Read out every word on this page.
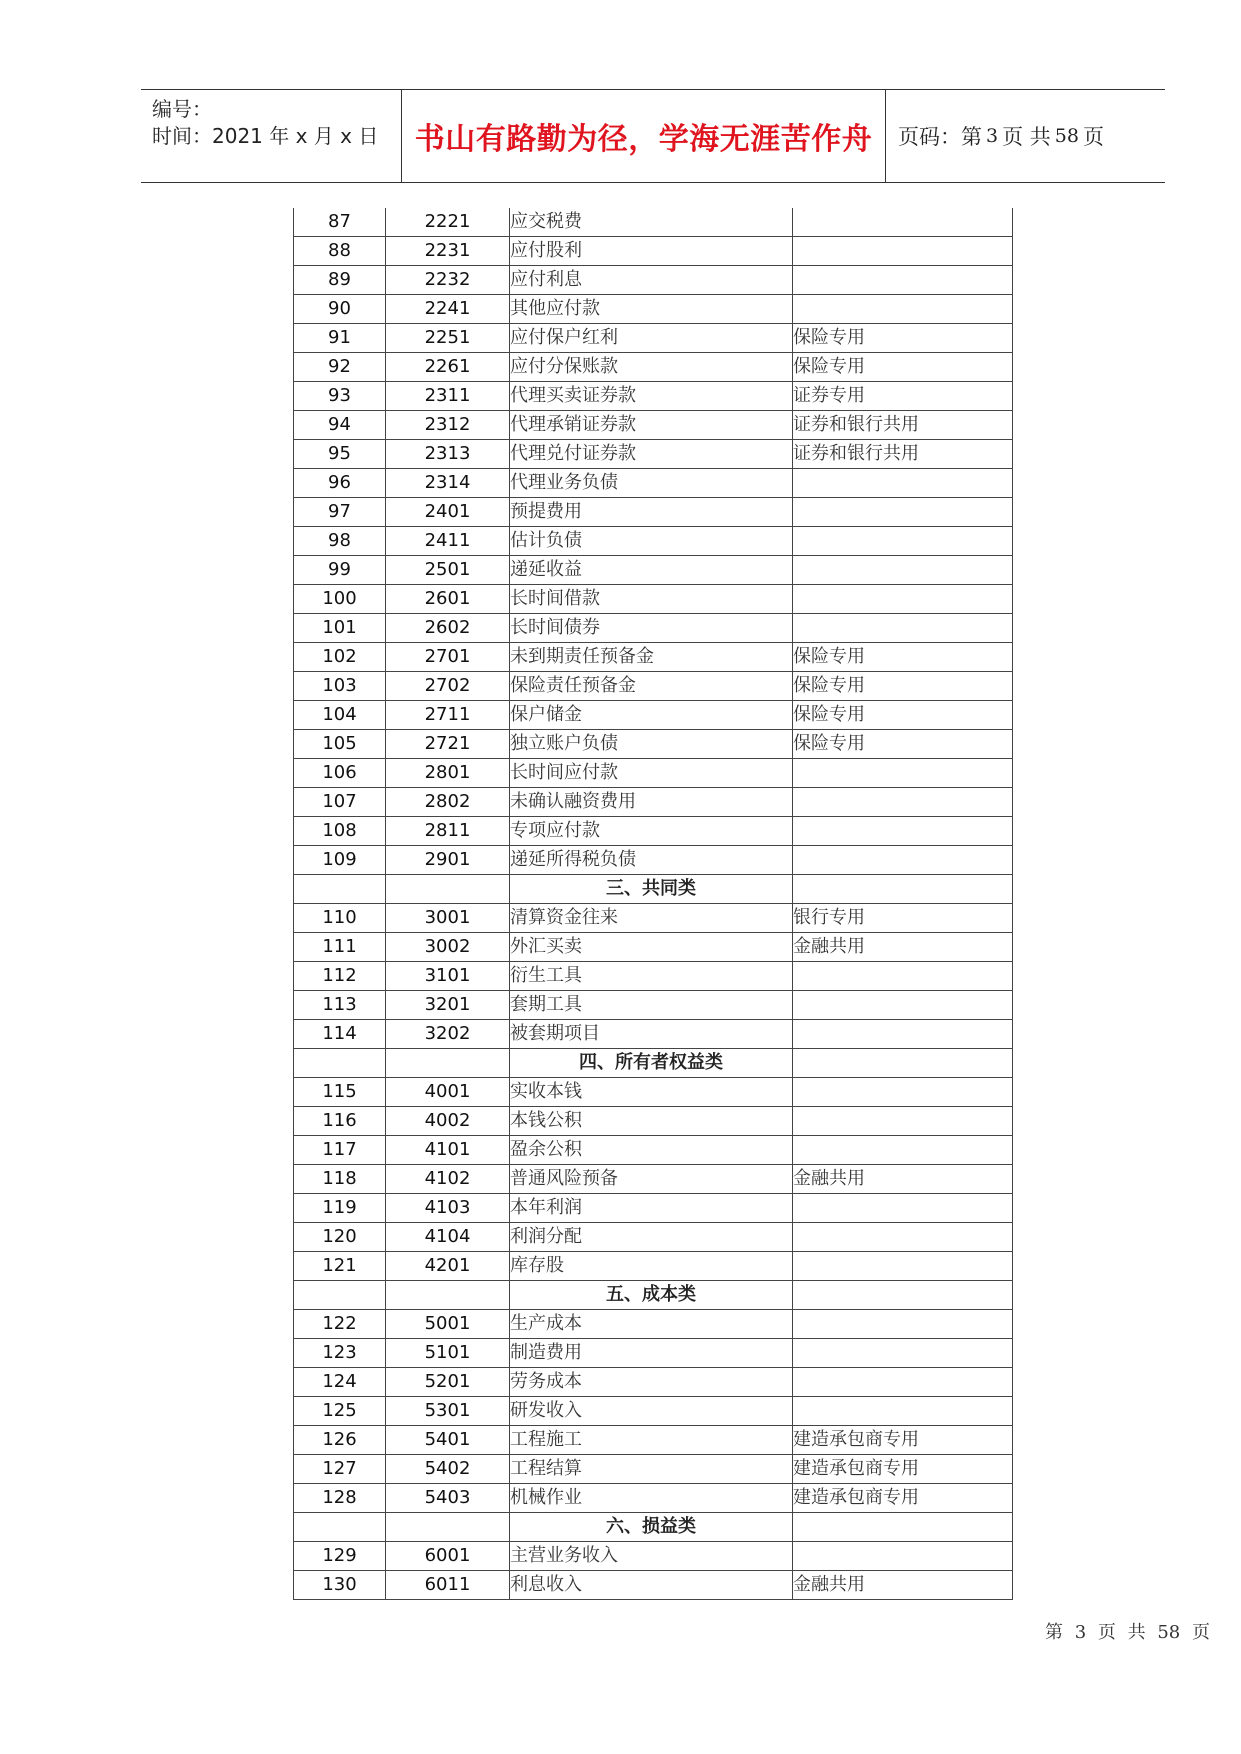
编号：
时间：2021 年 x 月 x 日 书山有路勤为径，学海无涯苦作舟 页码：第 3 页 共 58 页
87	2221	应交税费	
88	2231	应付股利	
89	2232	应付利息	
90	2241	其他应付款	
91	2251	应付保户红利	保险专用
92	2261	应付分保账款	保险专用
93	2311	代理买卖证券款	证券专用
94	2312	代理承销证券款	证券和银行共用
95	2313	代理兑付证券款	证券和银行共用
96	2314	代理业务负债	
97	2401	预提费用	
98	2411	估计负债	
99	2501	递延收益	
100	2601	长时间借款	
101	2602	长时间债券	
102	2701	未到期责任预备金	保险专用
103	2702	保险责任预备金	保险专用
104	2711	保户储金	保险专用
105	2721	独立账户负债	保险专用
106	2801	长时间应付款	
107	2802	未确认融资费用	
108	2811	专项应付款	
109	2901	递延所得税负债	
		三、共同类	
110	3001	清算资金往来	银行专用
111	3002	外汇买卖	金融共用
112	3101	衍生工具	
113	3201	套期工具	
114	3202	被套期项目	
		四、所有者权益类	
115	4001	实收本钱	
116	4002	本钱公积	
117	4101	盈余公积	
118	4102	普通风险预备	金融共用
119	4103	本年利润	
120	4104	利润分配	
121	4201	库存股	
		五、成本类	
122	5001	生产成本	
123	5101	制造费用	
124	5201	劳务成本	
125	5301	研发收入	
126	5401	工程施工	建造承包商专用
127	5402	工程结算	建造承包商专用
128	5403	机械作业	建造承包商专用
		六、损益类	
129	6001	主营业务收入	
130	6011	利息收入	金融共用
第 3 页 共 58 页
